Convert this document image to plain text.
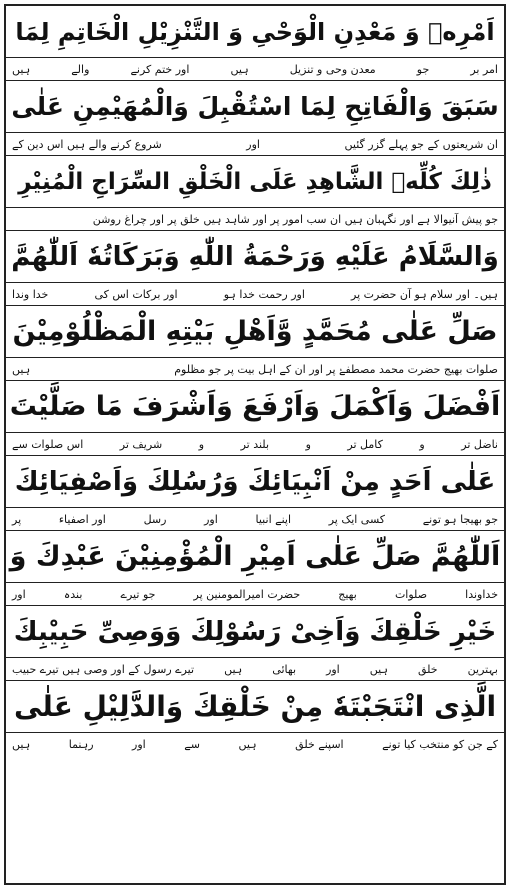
اَمْرِهٖ وَ مَعْدِنِ الْوَحْیِ وَ التَّنْزِیْلِ الْخَاتِمِ لِمَا
امر بر
جو
معدن وحی و تنزیل
ہیں
اور ختم کرنے
والے
ہیں
سَبَقَ وَالْفَاتِحِ لِمَا اسْتُقْبِلَ وَالْمُهَیْمِنِ عَلٰی
ان شریعتوں کے جو پہلے گزر گئیں
اور
شروع کرنے والے ہیں اس دین کے
ذٰلِكَ كُلِّهٖ الشَّاهِدِ عَلَی الْخَلْقِ السِّرَاجِ الْمُنِیْرِ
جو پیش آنیوالا ہے اور نگہبان ہیں ان سب امور پر اور شاہد ہیں خلق پر اور چراغ روشن
وَالسَّلَامُ عَلَیْهِ وَرَحْمَةُ اللّٰهِ وَبَرَكَاتُهٗ اَللّٰهُمَّ
ہیں۔ اور سلام ہو آن حضرت پر
اور رحمت خدا ہو
اور برکات اس کی
خدا وندا
صَلِّ عَلٰی مُحَمَّدٍ وَّاَهْلِ بَیْتِهِ الْمَظْلُوْمِیْنَ
صلوات بھیج حضرت محمد مصطفےٰ پر اور ان کے اہل بیت پر جو مظلوم
ہیں
اَفْضَلَ وَاَكْمَلَ وَاَرْفَعَ وَاَشْرَفَ مَا صَلَّیْتَ
ناضل تر
و
کامل تر
و
بلند تر
و
شریف تر
اس صلوات سے
عَلٰی اَحَدٍ مِنْ اَنْبِیَائِكَ وَرُسُلِكَ وَاَصْفِیَائِكَ
جو بھیجا ہو تونے
کسی ایک پر
اپنے انبیا
اور
رسل
اور اصفیاء
پر
اَللّٰهُمَّ صَلِّ عَلٰی اَمِیْرِ الْمُؤْمِنِیْنَ عَبْدِكَ وَ
خداوندا
صلوات
بھیج
حضرت امیرالمومنین پر
جو تیرے
بندہ
اور
خَیْرِ خَلْقِكَ وَاَخِیْ رَسُوْلِكَ وَوَصِیِّ حَبِیْبِكَ
بہترین
خلق
ہیں
اور
بھائی
ہیں
تیرے رسول کے اور وصی ہیں تیرے حبیب
الَّذِی انْتَجَبْتَهٗ مِنْ خَلْقِكَ وَالدَّلِیْلِ عَلٰی
کے جن کو منتخب کیا تونے
اسپنے خلق
ہیں
سے
اور
رہنما
ہیں
